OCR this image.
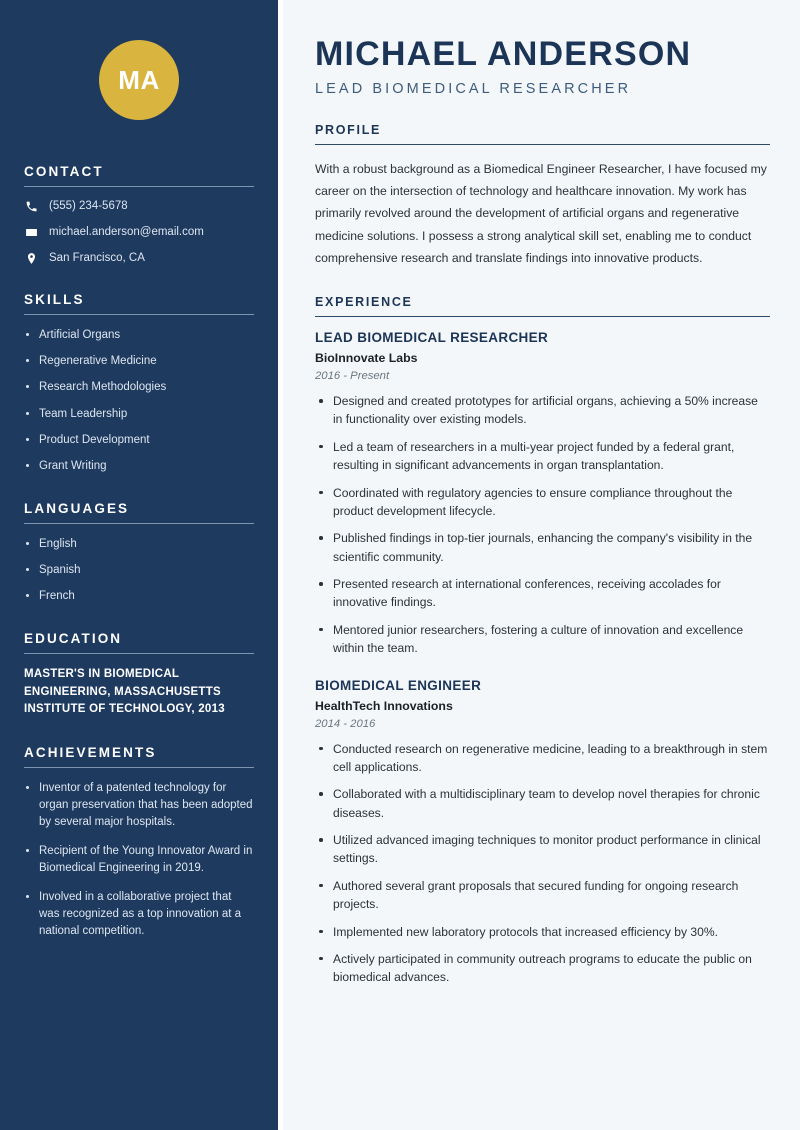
MA
CONTACT
(555) 234-5678
michael.anderson@email.com
San Francisco, CA
SKILLS
Artificial Organs
Regenerative Medicine
Research Methodologies
Team Leadership
Product Development
Grant Writing
LANGUAGES
English
Spanish
French
EDUCATION
MASTER'S IN BIOMEDICAL ENGINEERING, MASSACHUSETTS INSTITUTE OF TECHNOLOGY, 2013
ACHIEVEMENTS
Inventor of a patented technology for organ preservation that has been adopted by several major hospitals.
Recipient of the Young Innovator Award in Biomedical Engineering in 2019.
Involved in a collaborative project that was recognized as a top innovation at a national competition.
MICHAEL ANDERSON
LEAD BIOMEDICAL RESEARCHER
PROFILE

With a robust background as a Biomedical Engineer Researcher, I have focused my career on the intersection of technology and healthcare innovation. My work has primarily revolved around the development of artificial organs and regenerative medicine solutions. I possess a strong analytical skill set, enabling me to conduct comprehensive research and translate findings into innovative products.

EXPERIENCE
LEAD BIOMEDICAL RESEARCHER
BioInnovate Labs
2016 - Present
Designed and created prototypes for artificial organs, achieving a 50% increase in functionality over existing models.
Led a team of researchers in a multi-year project funded by a federal grant, resulting in significant advancements in organ transplantation.
Coordinated with regulatory agencies to ensure compliance throughout the product development lifecycle.
Published findings in top-tier journals, enhancing the company's visibility in the scientific community.
Presented research at international conferences, receiving accolades for innovative findings.
Mentored junior researchers, fostering a culture of innovation and excellence within the team.
BIOMEDICAL ENGINEER
HealthTech Innovations
2014 - 2016
Conducted research on regenerative medicine, leading to a breakthrough in stem cell applications.
Collaborated with a multidisciplinary team to develop novel therapies for chronic diseases.
Utilized advanced imaging techniques to monitor product performance in clinical settings.
Authored several grant proposals that secured funding for ongoing research projects.
Implemented new laboratory protocols that increased efficiency by 30%.
Actively participated in community outreach programs to educate the public on biomedical advances.
